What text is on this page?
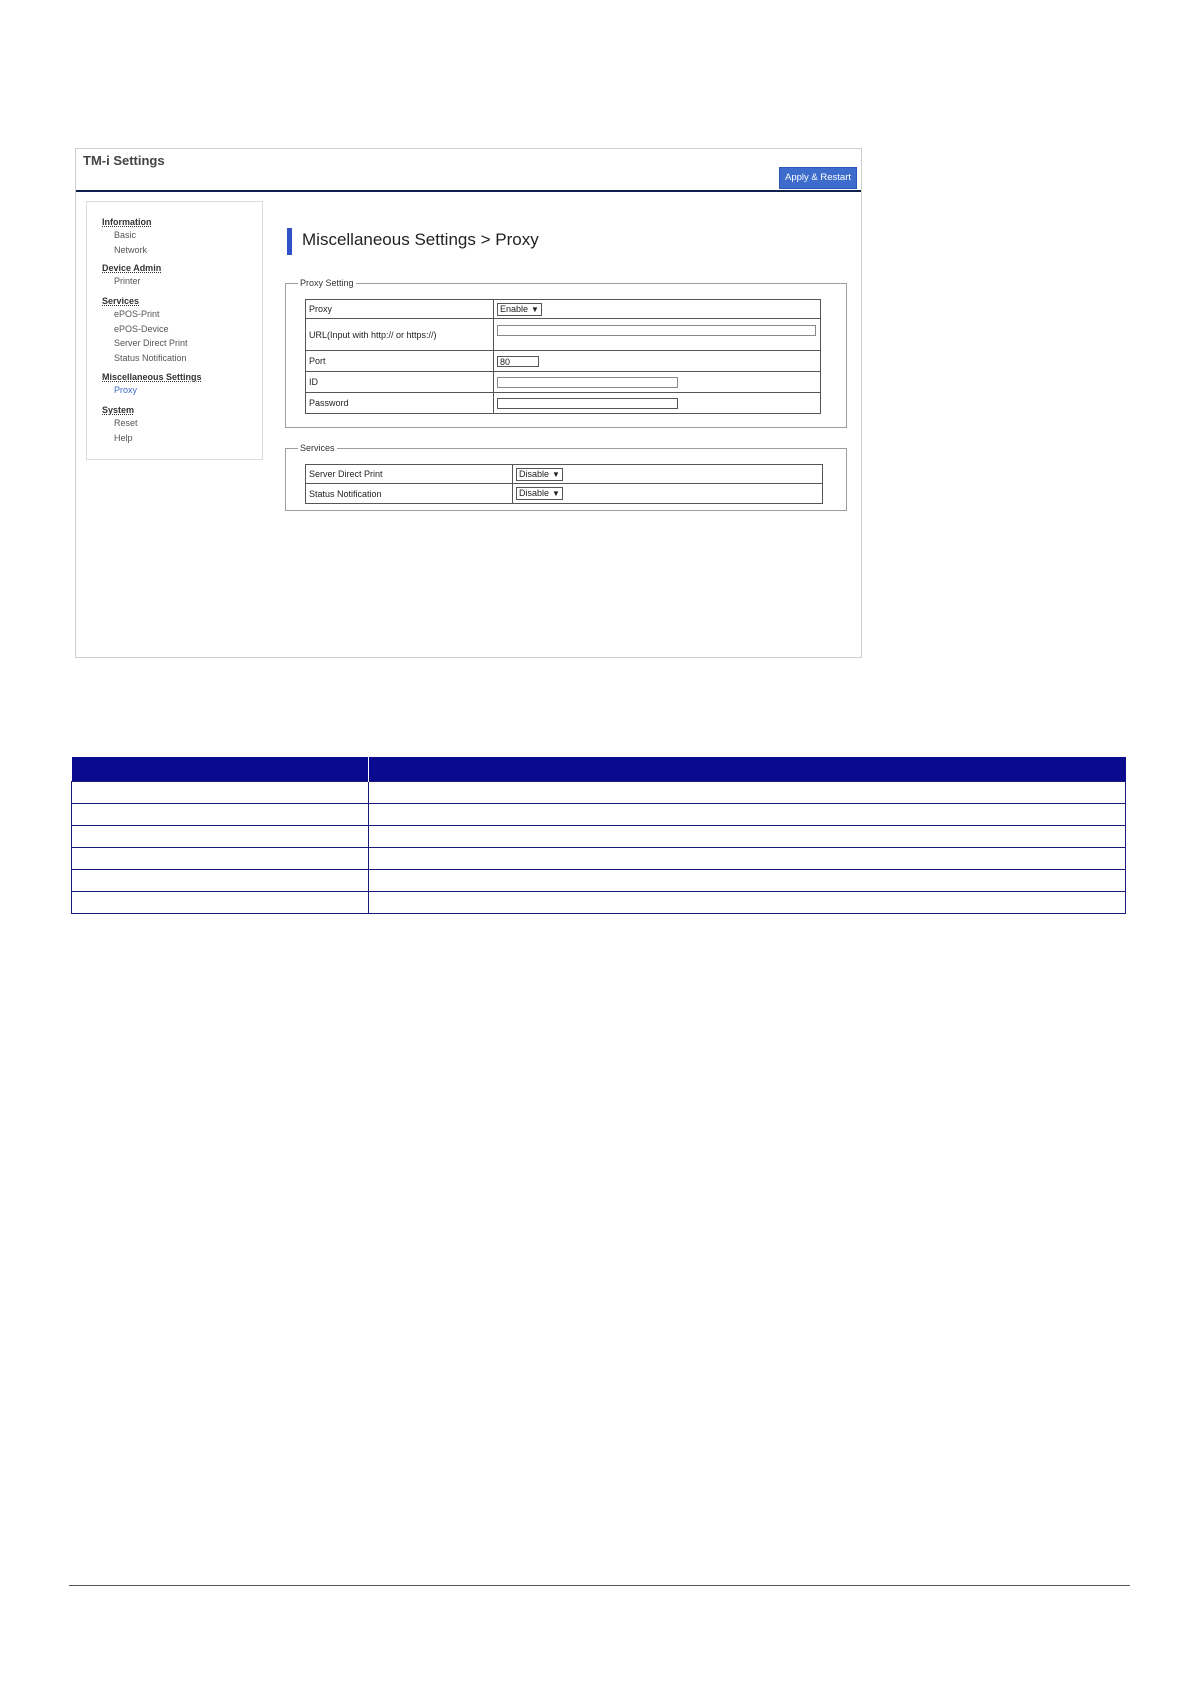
TM-i Settings
Apply & Restart
Information
Basic
Network
Device Admin
Printer
Services
ePOS-Print
ePOS-Device
Server Direct Print
Status Notification
Miscellaneous Settings
Proxy
System
Reset
Help
Miscellaneous Settings > Proxy
Proxy Setting
Proxy	Enable ▼
URL(Input with http:// or https://)	

Port	80

ID	

Password	
Services
Server Direct Print	Disable ▼
Status Notification	Disable ▼
